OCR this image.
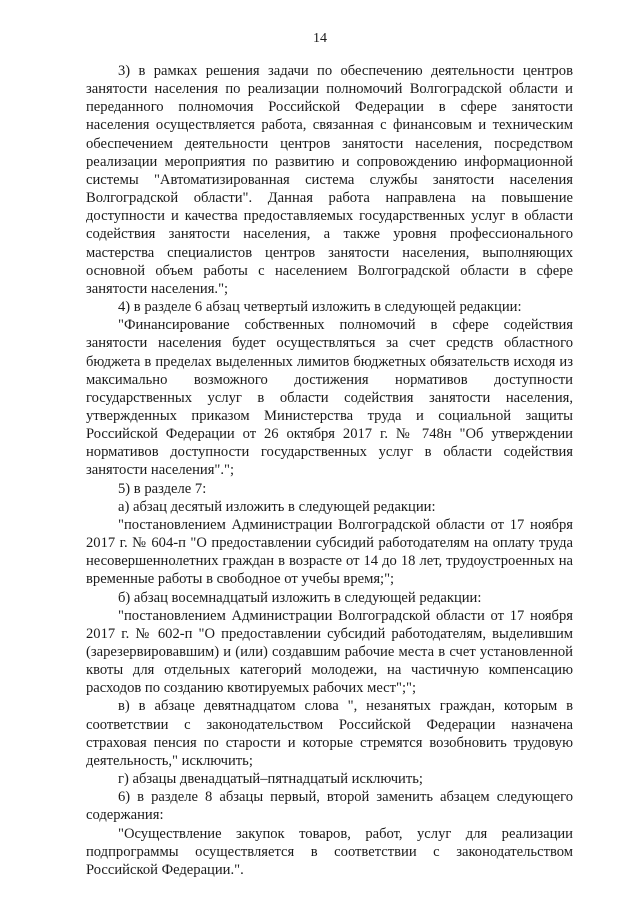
14

3) в рамках решения задачи по обеспечению деятельности центров занятости населения по реализации полномочий Волгоградской области и переданного полномочия Российской Федерации в сфере занятости населения осуществляется работа, связанная с финансовым и техническим обеспечением деятельности центров занятости населения, посредством реализации мероприятия по развитию и сопровождению информационной системы "Автоматизированная система службы занятости населения Волгоградской области". Данная работа направлена на повышение доступности и качества предоставляемых государственных услуг в области содействия занятости населения, а также уровня профессионального мастерства специалистов центров занятости населения, выполняющих основной объем работы с населением Волгоградской области в сфере занятости населения.";

4) в разделе 6 абзац четвертый изложить в следующей редакции:

"Финансирование собственных полномочий в сфере содействия занятости населения будет осуществляться за счет средств областного бюджета в пределах выделенных лимитов бюджетных обязательств исходя из максимально возможного достижения нормативов доступности государственных услуг в области содействия занятости населения, утвержденных приказом Министерства труда и социальной защиты Российской Федерации от 26 октября 2017 г. № 748н "Об утверждении нормативов доступности государственных услуг в области содействия занятости населения".";

5) в разделе 7:

а) абзац десятый изложить в следующей редакции:

"постановлением Администрации Волгоградской области от 17 ноября 2017 г. № 604-п "О предоставлении субсидий работодателям на оплату труда несовершеннолетних граждан в возрасте от 14 до 18 лет, трудоустроенных на временные работы в свободное от учебы время;";

б) абзац восемнадцатый изложить в следующей редакции:

"постановлением Администрации Волгоградской области от 17 ноября 2017 г. № 602-п "О предоставлении субсидий работодателям, выделившим (зарезервировавшим) и (или) создавшим рабочие места в счет установленной квоты для отдельных категорий молодежи, на частичную компенсацию расходов по созданию квотируемых рабочих мест";";

в) в абзаце девятнадцатом слова ", незанятых граждан, которым в соответствии с законодательством Российской Федерации назначена страховая пенсия по старости и которые стремятся возобновить трудовую деятельность," исключить;

г) абзацы двенадцатый–пятнадцатый исключить;

6) в разделе 8 абзацы первый, второй заменить абзацем следующего содержания:

"Осуществление закупок товаров, работ, услуг для реализации подпрограммы осуществляется в соответствии с законодательством Российской Федерации.".
